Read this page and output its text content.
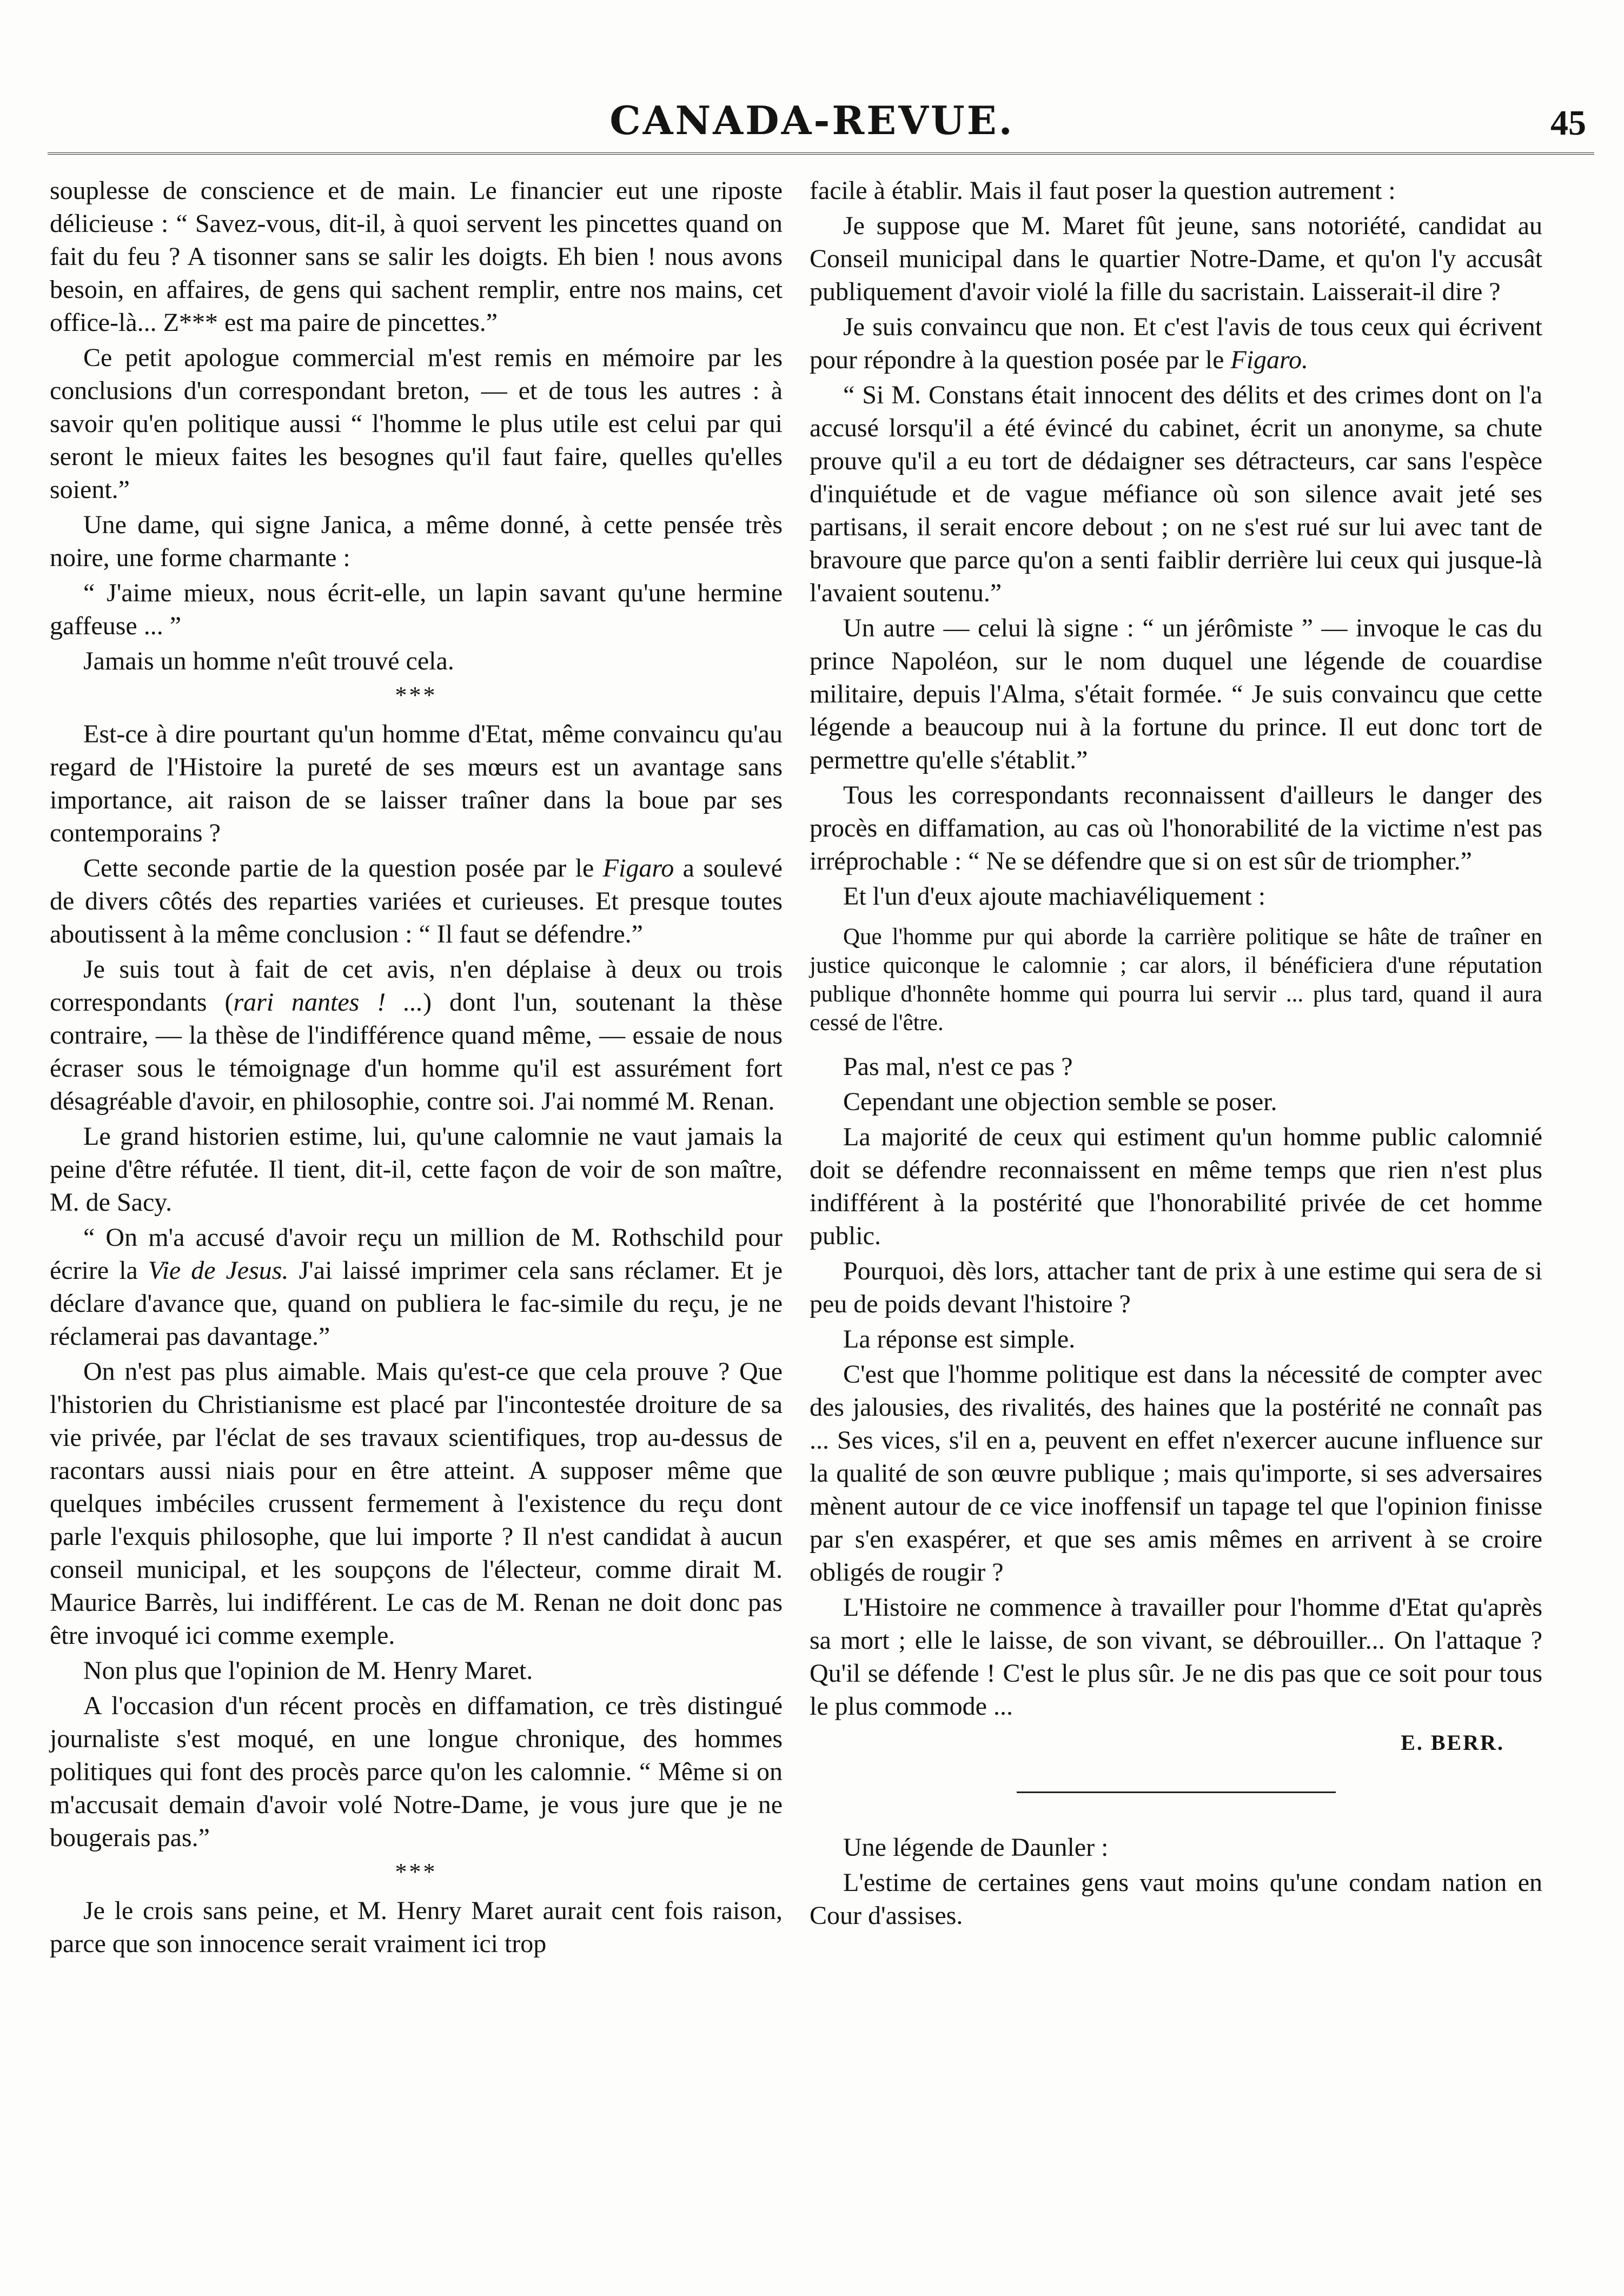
CANADA-REVUE.	45

souplesse de conscience et de main. Le financier eut une riposte délicieuse : “ Savez-vous, dit-il, à quoi servent les pincettes quand on fait du feu ? A tisonner sans se salir les doigts. Eh bien ! nous avons besoin, en affaires, de gens qui sachent remplir, entre nos mains, cet office-là... Z*** est ma paire de pincettes.”

Ce petit apologue commercial m'est remis en mémoire par les conclusions d'un correspondant breton, — et de tous les autres : à savoir qu'en politique aussi “ l'homme le plus utile est celui par qui seront le mieux faites les besognes qu'il faut faire, quelles qu'elles soient.”

Une dame, qui signe Janica, a même donné, à cette pensée très noire, une forme charmante :

“ J'aime mieux, nous écrit-elle, un lapin savant qu'une hermine gaffeuse ... ”

Jamais un homme n'eût trouvé cela.

***

Est-ce à dire pourtant qu'un homme d'Etat, même convaincu qu'au regard de l'Histoire la pureté de ses mœurs est un avantage sans importance, ait raison de se laisser traîner dans la boue par ses contemporains ?

Cette seconde partie de la question posée par le Figaro a soulevé de divers côtés des reparties variées et curieuses. Et presque toutes aboutissent à la même conclusion : “ Il faut se défendre.”

Je suis tout à fait de cet avis, n'en déplaise à deux ou trois correspondants (rari nantes ! ...) dont l'un, soutenant la thèse contraire, — la thèse de l'indifférence quand même, — essaie de nous écraser sous le témoignage d'un homme qu'il est assurément fort désagréable d'avoir, en philosophie, contre soi. J'ai nommé M. Renan.

Le grand historien estime, lui, qu'une calomnie ne vaut jamais la peine d'être réfutée. Il tient, dit-il, cette façon de voir de son maître, M. de Sacy.

“ On m'a accusé d'avoir reçu un million de M. Rothschild pour écrire la Vie de Jesus. J'ai laissé imprimer cela sans réclamer. Et je déclare d'avance que, quand on publiera le fac-simile du reçu, je ne réclamerai pas davantage.”

On n'est pas plus aimable. Mais qu'est-ce que cela prouve ? Que l'historien du Christianisme est placé par l'incontestée droiture de sa vie privée, par l'éclat de ses travaux scientifiques, trop au-dessus de racontars aussi niais pour en être atteint. A supposer même que quelques imbéciles crussent fermement à l'existence du reçu dont parle l'exquis philosophe, que lui importe ? Il n'est candidat à aucun conseil municipal, et les soupçons de l'électeur, comme dirait M. Maurice Barrès, lui indifférent. Le cas de M. Renan ne doit donc pas être invoqué ici comme exemple.

Non plus que l'opinion de M. Henry Maret.

A l'occasion d'un récent procès en diffamation, ce très distingué journaliste s'est moqué, en une longue chronique, des hommes politiques qui font des procès parce qu'on les calomnie. “ Même si on m'accusait demain d'avoir volé Notre-Dame, je vous jure que je ne bougerais pas.”

***

Je le crois sans peine, et M. Henry Maret aurait cent fois raison, parce que son innocence serait vraiment ici trop

facile à établir. Mais il faut poser la question autrement :

Je suppose que M. Maret fût jeune, sans notoriété, candidat au Conseil municipal dans le quartier Notre-Dame, et qu'on l'y accusât publiquement d'avoir violé la fille du sacristain. Laisserait-il dire ?

Je suis convaincu que non. Et c'est l'avis de tous ceux qui écrivent pour répondre à la question posée par le Figaro.

“ Si M. Constans était innocent des délits et des crimes dont on l'a accusé lorsqu'il a été évincé du cabinet, écrit un anonyme, sa chute prouve qu'il a eu tort de dédaigner ses détracteurs, car sans l'espèce d'inquiétude et de vague méfiance où son silence avait jeté ses partisans, il serait encore debout ; on ne s'est rué sur lui avec tant de bravoure que parce qu'on a senti faiblir derrière lui ceux qui jusque-là l'avaient soutenu.”

Un autre — celui là signe : “ un jérômiste ” — invoque le cas du prince Napoléon, sur le nom duquel une légende de couardise militaire, depuis l'Alma, s'était formée. “ Je suis convaincu que cette légende a beaucoup nui à la fortune du prince. Il eut donc tort de permettre qu'elle s'établit.”

Tous les correspondants reconnaissent d'ailleurs le danger des procès en diffamation, au cas où l'honorabilité de la victime n'est pas irréprochable : “ Ne se défendre que si on est sûr de triompher.”

Et l'un d'eux ajoute machiavéliquement :

Que l'homme pur qui aborde la carrière politique se hâte de traîner en justice quiconque le calomnie ; car alors, il bénéficiera d'une réputation publique d'honnête homme qui pourra lui servir ... plus tard, quand il aura cessé de l'être.

Pas mal, n'est ce pas ?

Cependant une objection semble se poser.

La majorité de ceux qui estiment qu'un homme public calomnié doit se défendre reconnaissent en même temps que rien n'est plus indifférent à la postérité que l'honorabilité privée de cet homme public.

Pourquoi, dès lors, attacher tant de prix à une estime qui sera de si peu de poids devant l'histoire ?

La réponse est simple.

C'est que l'homme politique est dans la nécessité de compter avec des jalousies, des rivalités, des haines que la postérité ne connaît pas ... Ses vices, s'il en a, peuvent en effet n'exercer aucune influence sur la qualité de son œuvre publique ; mais qu'importe, si ses adversaires mènent autour de ce vice inoffensif un tapage tel que l'opinion finisse par s'en exaspérer, et que ses amis mêmes en arrivent à se croire obligés de rougir ?

L'Histoire ne commence à travailler pour l'homme d'Etat qu'après sa mort ; elle le laisse, de son vivant, se débrouiller... On l'attaque ? Qu'il se défende ! C'est le plus sûr. Je ne dis pas que ce soit pour tous le plus commode ...

E. BERR.

Une légende de Daunler :

L'estime de certaines gens vaut moins qu'une condam nation en Cour d'assises.
